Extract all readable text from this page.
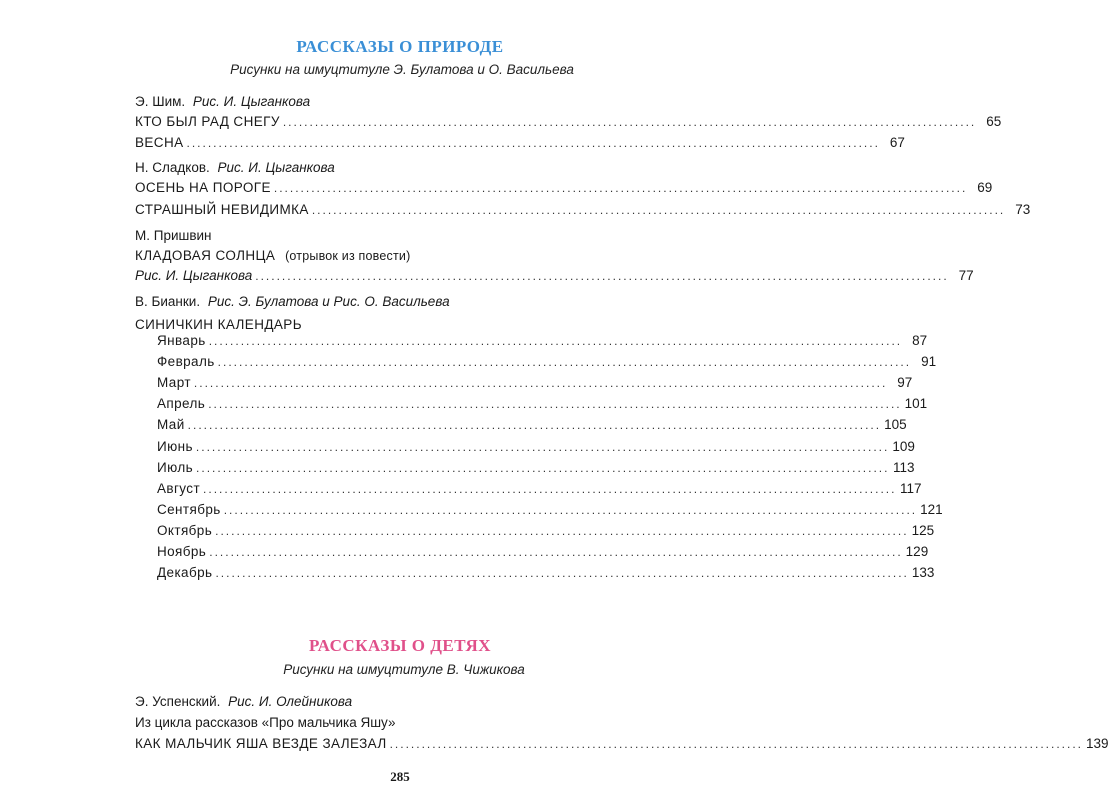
РАССКАЗЫ О ПРИРОДЕ
Рисунки на шмуцтитуле Э. Булатова и О. Васильева
Э. Шим. Рис. И. Цыганкова
КТО БЫЛ РАД СНЕГУ .................................................................................................................................. 65
ВЕСНА .................................................................................................................................. 67
Н. Сладков. Рис. И. Цыганкова
ОСЕНЬ НА ПОРОГЕ .................................................................................................................................. 69
СТРАШНЫЙ НЕВИДИМКА .................................................................................................................................. 73
М. Пришвин
КЛАДОВАЯ СОЛНЦА (отрывок из повести)
Рис. И. Цыганкова .................................................................................................................................. 77
В. Бианки. Рис. Э. Булатова и Рис. О. Васильева
СИНИЧКИН КАЛЕНДАРЬ
Январь .................................................................................................................................. 87
Февраль .................................................................................................................................. 91
Март .................................................................................................................................. 97
Апрель .................................................................................................................................. 101
Май .................................................................................................................................. 105
Июнь .................................................................................................................................. 109
Июль .................................................................................................................................. 113
Август .................................................................................................................................. 117
Сентябрь .................................................................................................................................. 121
Октябрь .................................................................................................................................. 125
Ноябрь .................................................................................................................................. 129
Декабрь .................................................................................................................................. 133
РАССКАЗЫ О ДЕТЯХ
Рисунки на шмуцтитуле В. Чижикова
Э. Успенский. Рис. И. Олейникова
Из цикла рассказов «Про мальчика Яшу»
КАК МАЛЬЧИК ЯША ВЕЗДЕ ЗАЛЕЗАЛ .................................................................................................................................. 139
285
